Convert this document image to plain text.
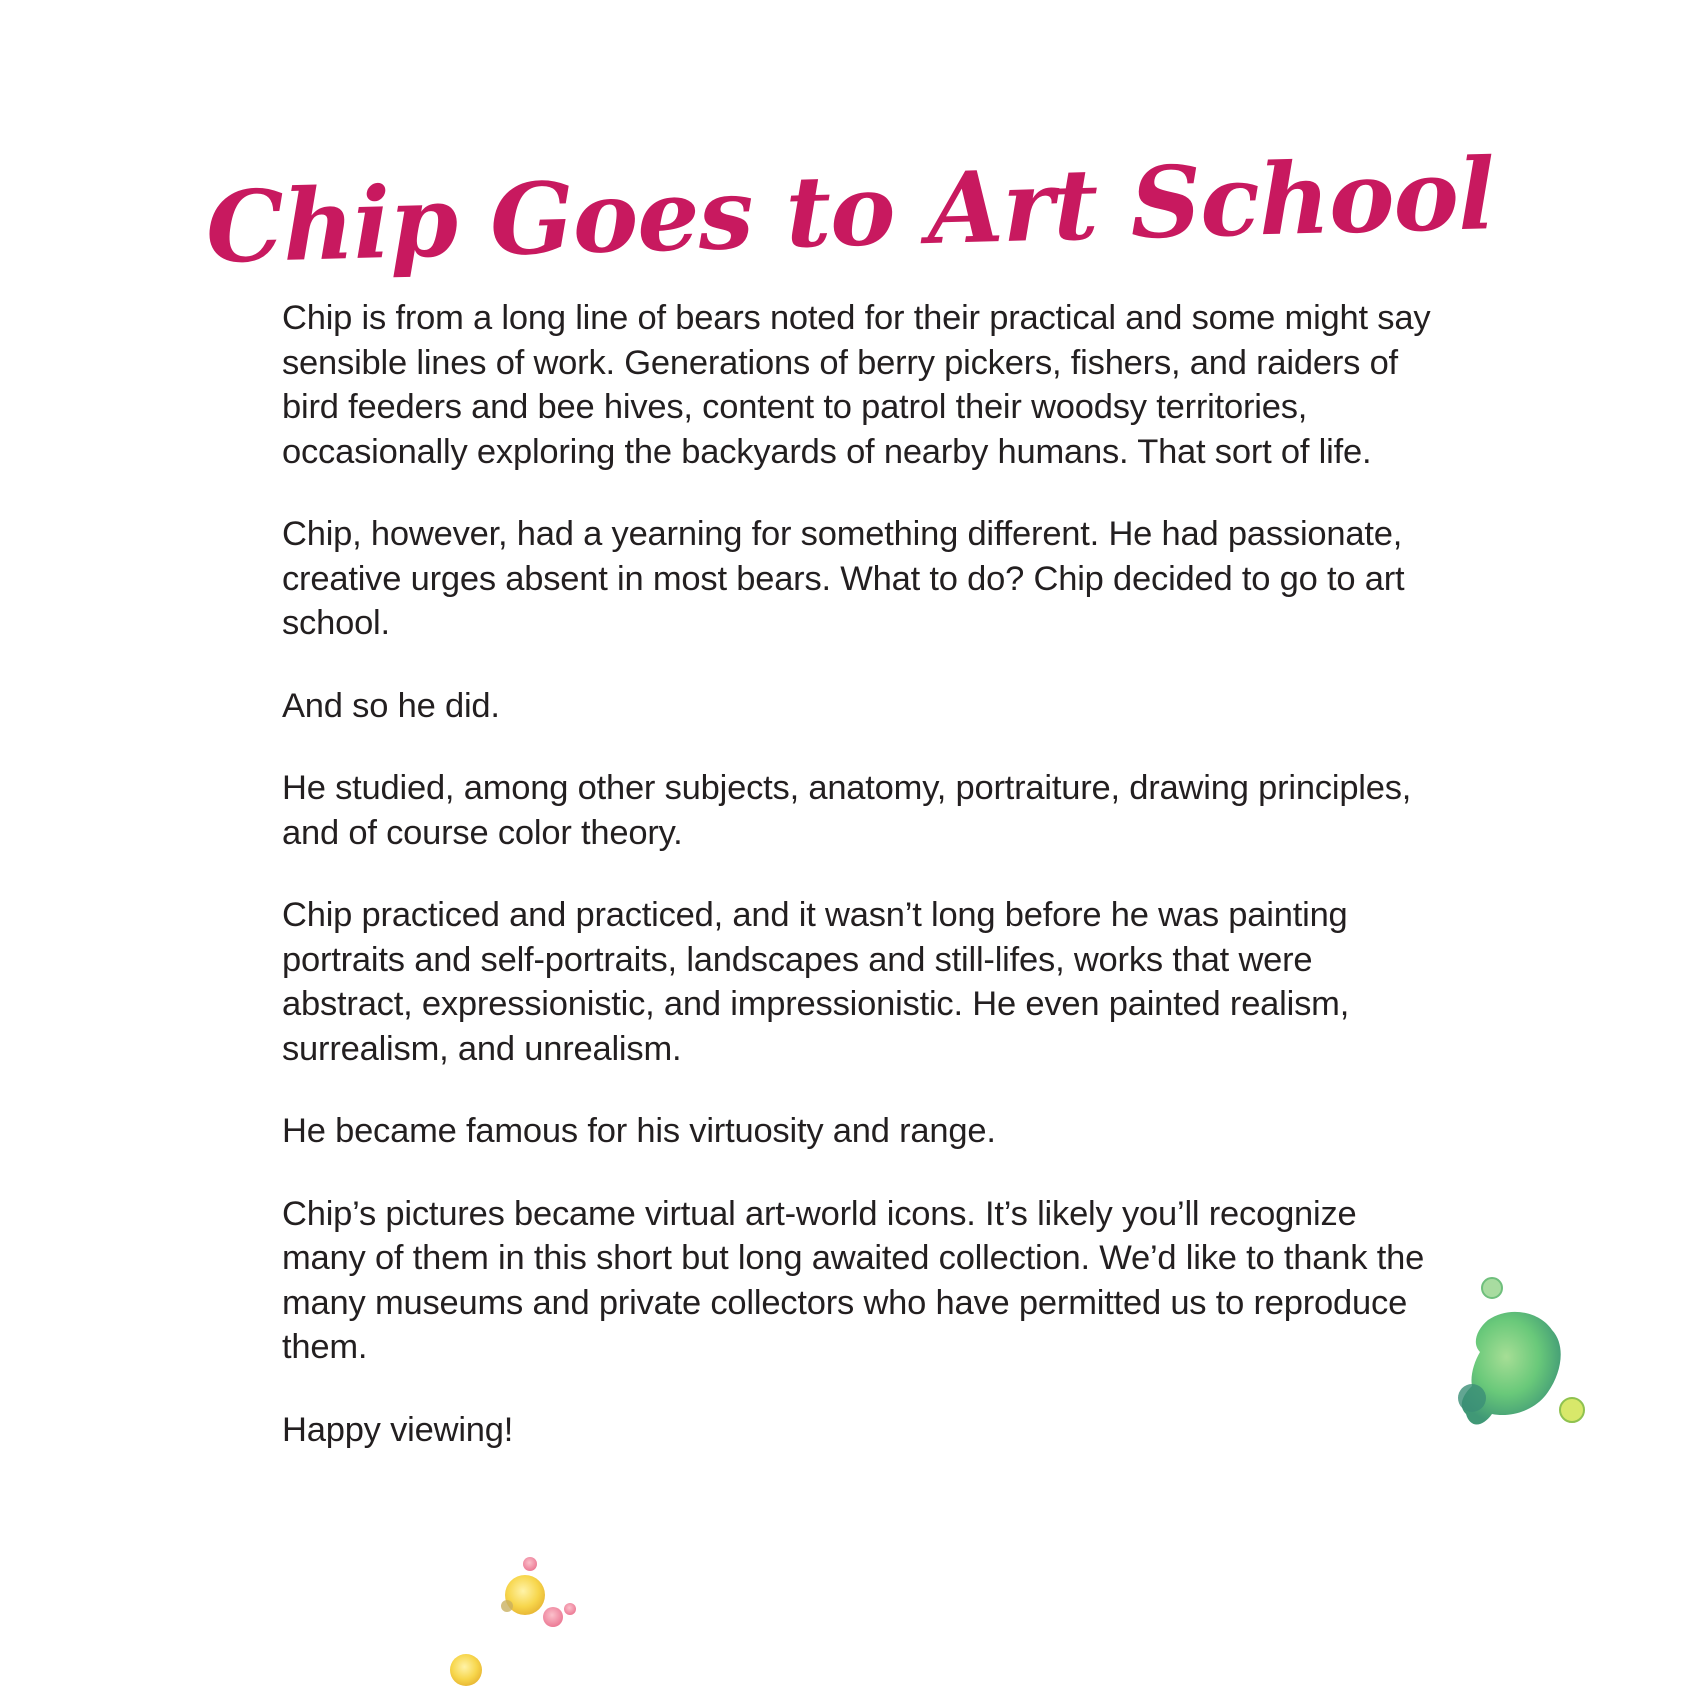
Chip Goes to Art School

Chip is from a long line of bears noted for their practical and some might say sensible lines of work. Generations of berry pickers, fishers, and raiders of bird feeders and bee hives, content to patrol their woodsy territories, occasionally exploring the backyards of nearby humans. That sort of life.

Chip, however, had a yearning for something different. He had passionate, creative urges absent in most bears. What to do? Chip decided to go to art school.

And so he did.

He studied, among other subjects, anatomy, portraiture, drawing principles, and of course color theory.

Chip practiced and practiced, and it wasn’t long before he was painting portraits and self-portraits, landscapes and still-lifes, works that were abstract, expressionistic, and impressionistic. He even painted realism, surrealism, and unrealism.

He became famous for his virtuosity and range.

Chip’s pictures became virtual art-world icons. It’s likely you’ll recognize many of them in this short but long awaited collection. We’d like to thank the many museums and private collectors who have permitted us to reproduce them.

Happy viewing!
